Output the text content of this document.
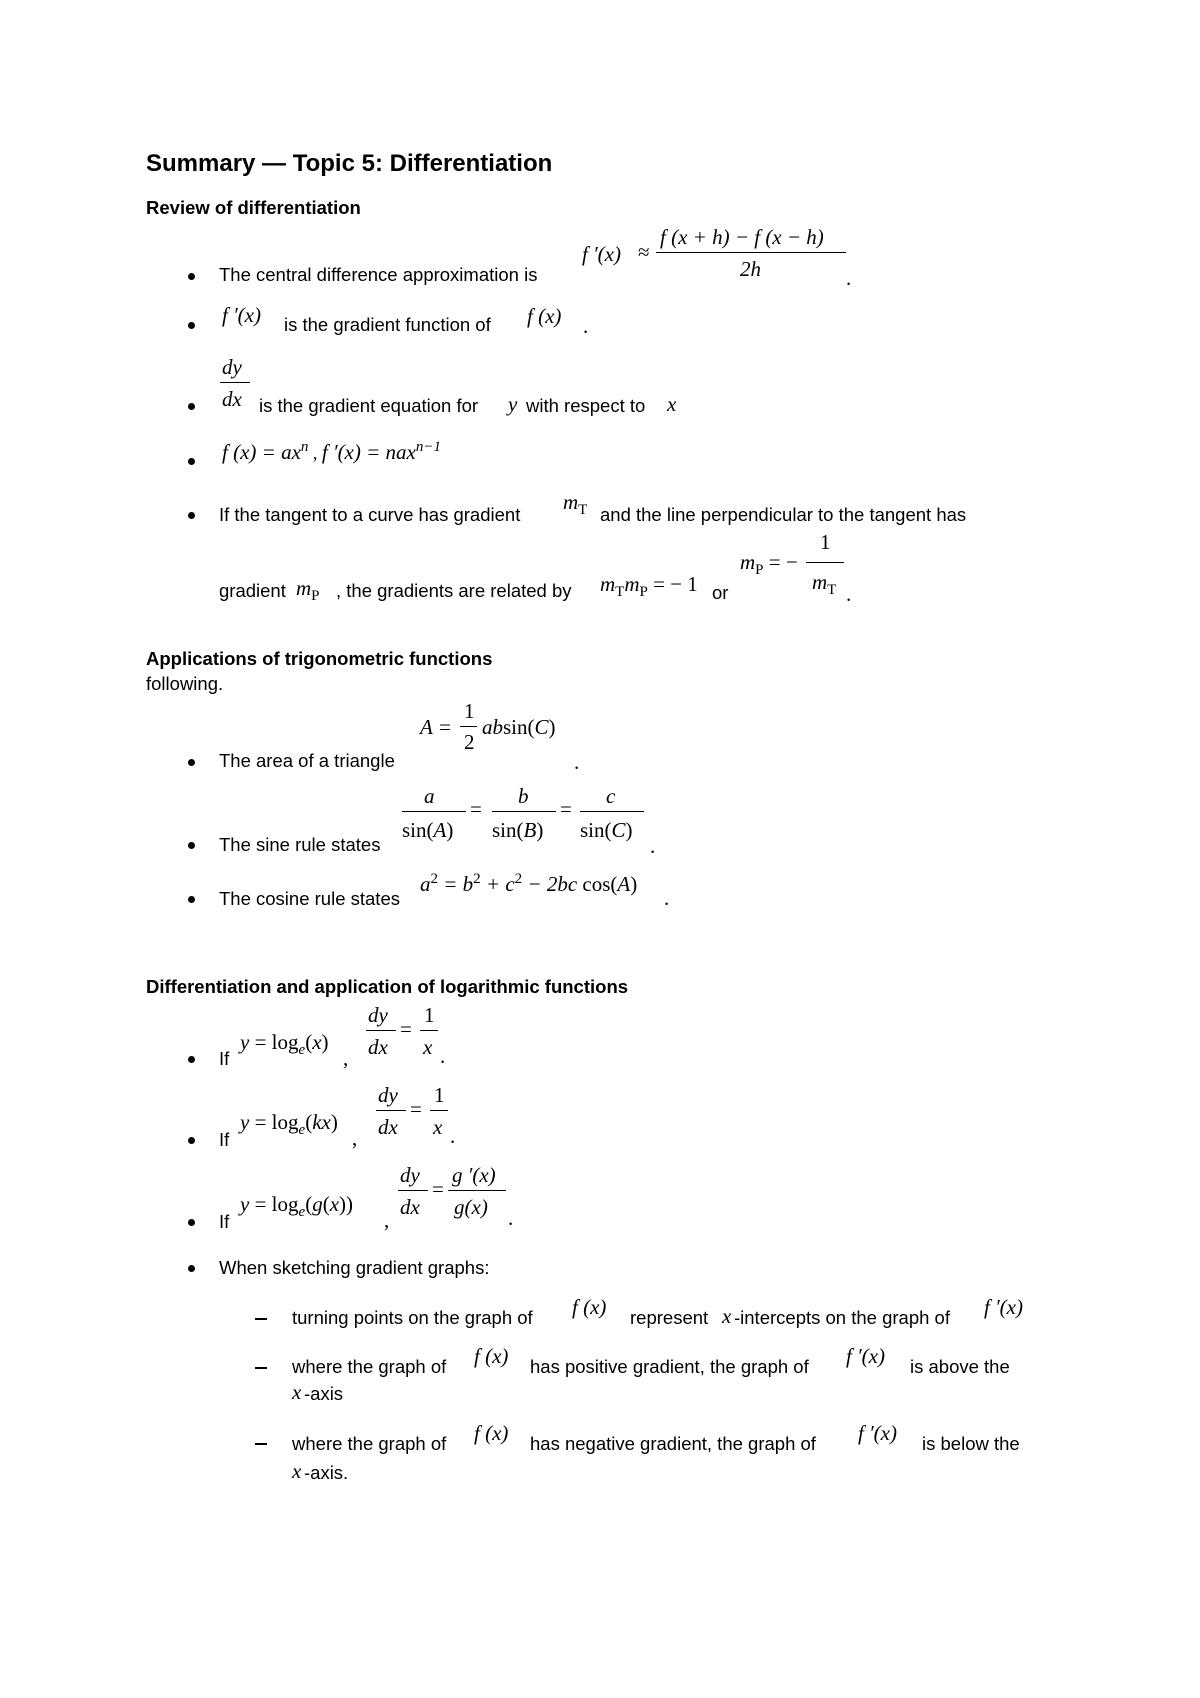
Summary — Topic 5: Differentiation
Review of differentiation
The central difference approximation is
f ′(x) ≈
f (x + h) − f (x − h)
2h	.
f ′(x) is the gradient function of f (x) .
dy
dx is the gradient equation for y with respect to x
f $(x) = ax^n$ , f ′(x) = nax$^{n-1}$
If the tangent to a curve has gradient
$m_T$ and the line perpendicular to the tangent has
gradient $m_P$ , the gradients are related by $m_Tm_P$ = − 1 or
$m_P$ = −
1
$m_T$ .
Applications of trigonometric functions
following.
The area of a triangle
A =
1
2
absin(C)
.
The sine rule states
a
sin(A)
=
b
sin(B)
=
c
sin(C)
.
The cosine rule states
$a^2 = b^2 + c^2 - 2bc$ cos(A)
.
Differentiation and application of logarithmic functions
If
$y = \log_e(x)$
,
dy
dx
=
1
x .
If
$y = \log_e(kx)$
,
dy
dx
=
1
x .
If
$y = \log_e(g(x))$
,
dy
dx
=
g ′(x)
g(x) .
When sketching gradient graphs:
turning points on the graph of f (x) represent x -intercepts on the graph of f ′(x)
where the graph of f (x) has positive gradient, the graph of f ′(x) is above the
x -axis
where the graph of f (x) has negative gradient, the graph of f ′(x) is below the
x -axis.
